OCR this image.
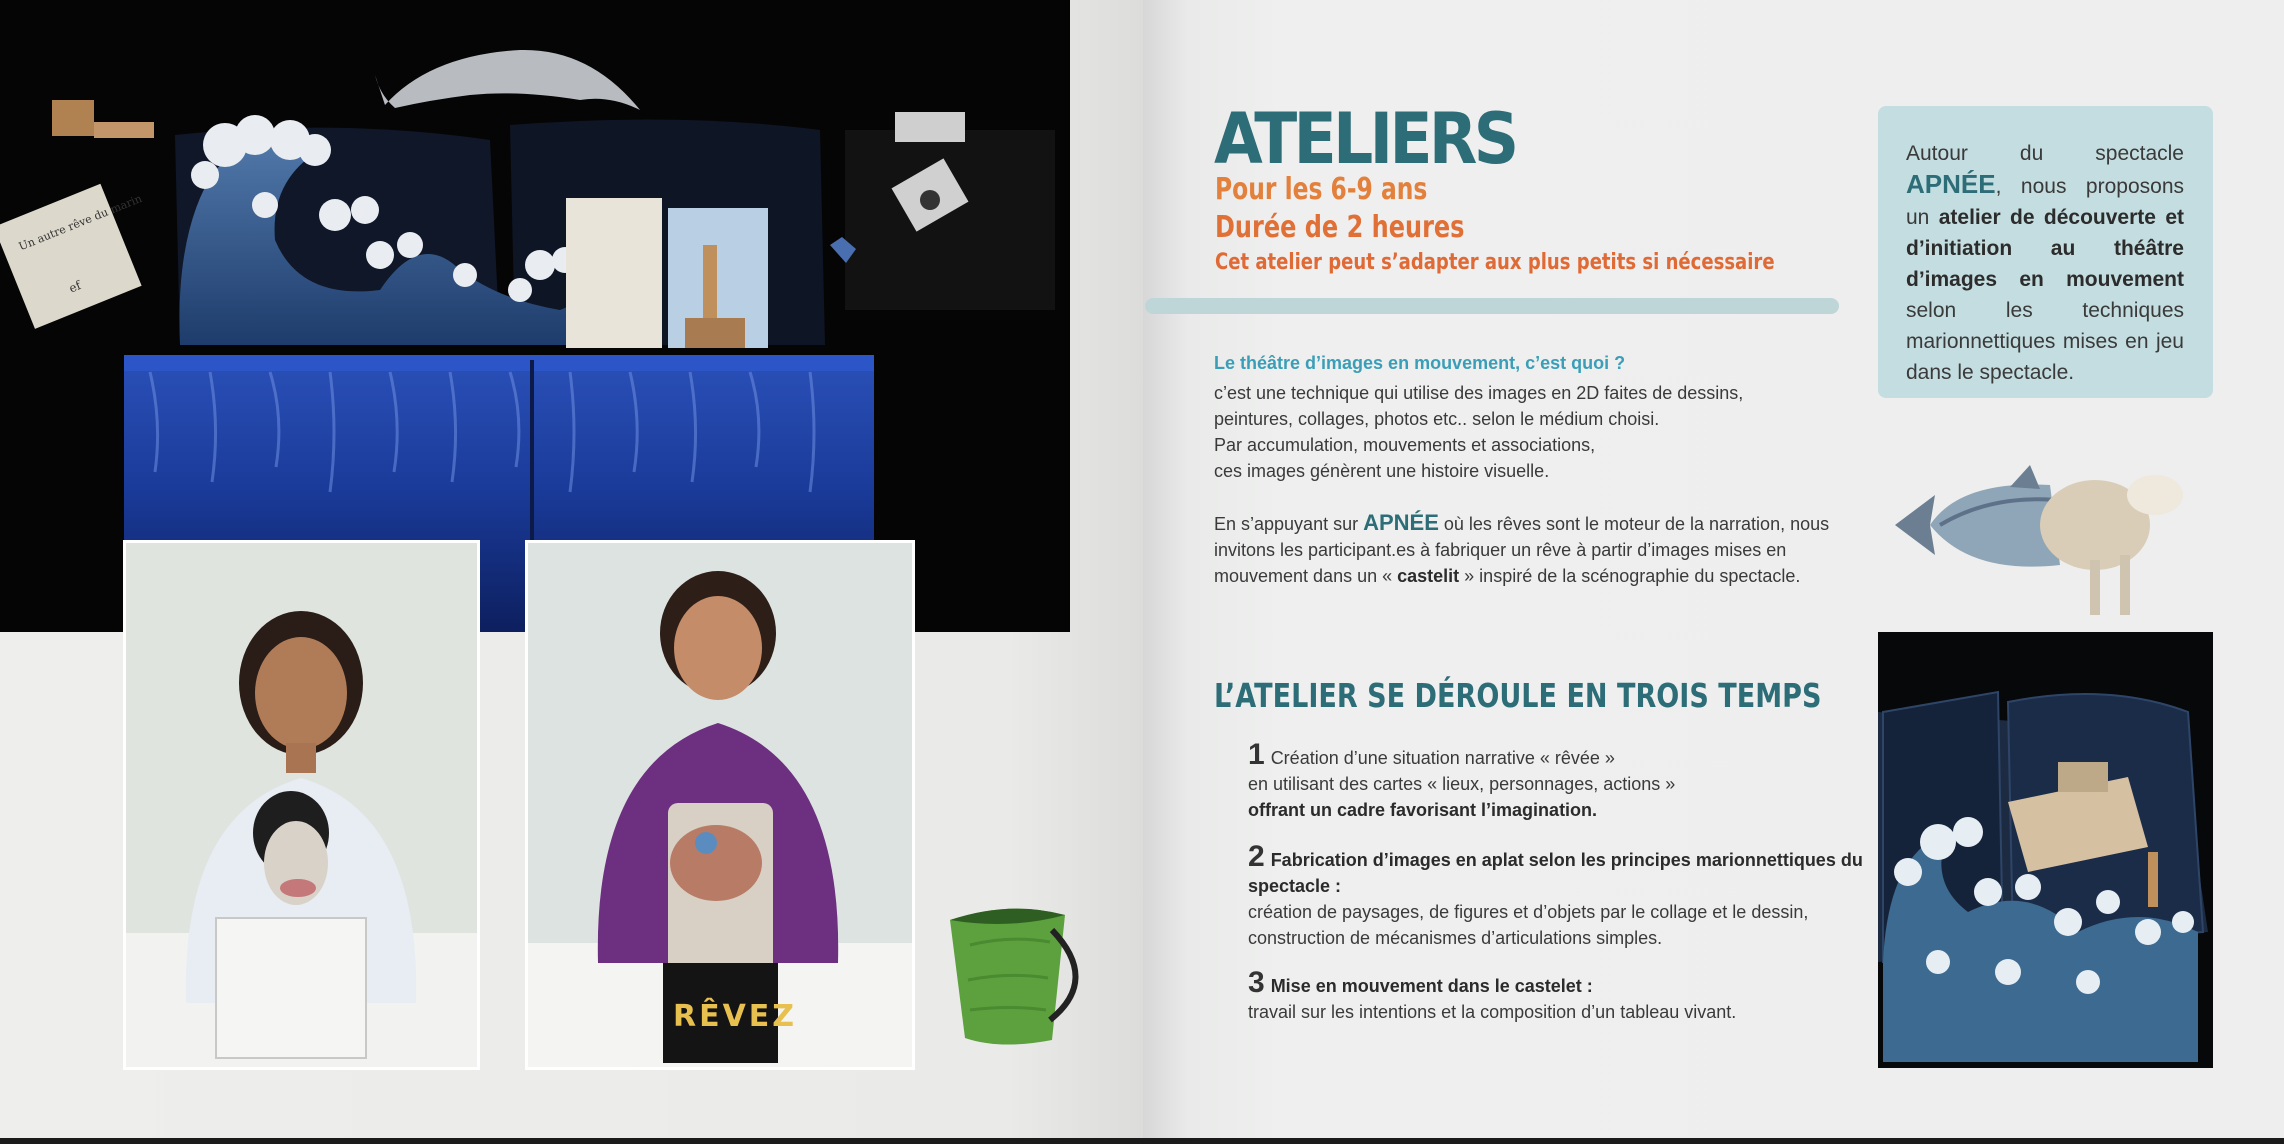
Un autre rêve du marin
ef
RÊVEZ
ATELIERS

Pour les 6-9 ans

Durée de 2 heures

Cet atelier peut s’adapter aux plus petits si nécessaire

Le théâtre d’images en mouvement, c’est quoi ?

c’est une technique qui utilise des images en 2D faites de dessins,
peintures, collages, photos etc.. selon le médium choisi.
Par accumulation, mouvements et associations,
ces images génèrent une histoire visuelle.

En s’appuyant sur APNÉE où les rêves sont le moteur de la narration, nous invitons les participant.es à fabriquer un rêve à partir d’images mises en mouvement dans un « castelit » inspiré de la scénographie du spectacle.

L’ATELIER SE DÉROULE EN TROIS TEMPS

1 Création d’une situation narrative « rêvée »
en utilisant des cartes « lieux, personnages, actions »
offrant un cadre favorisant l’imagination.

2 Fabrication d’images en aplat selon les principes marionnettiques du spectacle :
création de paysages, de figures et d’objets par le collage et le dessin,
construction de mécanismes d’articulations simples.

3 Mise en mouvement dans le castelet :
travail sur les intentions et la composition d’un tableau vivant.

Autour du spectacle APNÉE, nous proposons un atelier de découverte et d’initiation au théâtre d’images en mouvement selon les techniques marionnettiques mises en jeu dans le spectacle.
